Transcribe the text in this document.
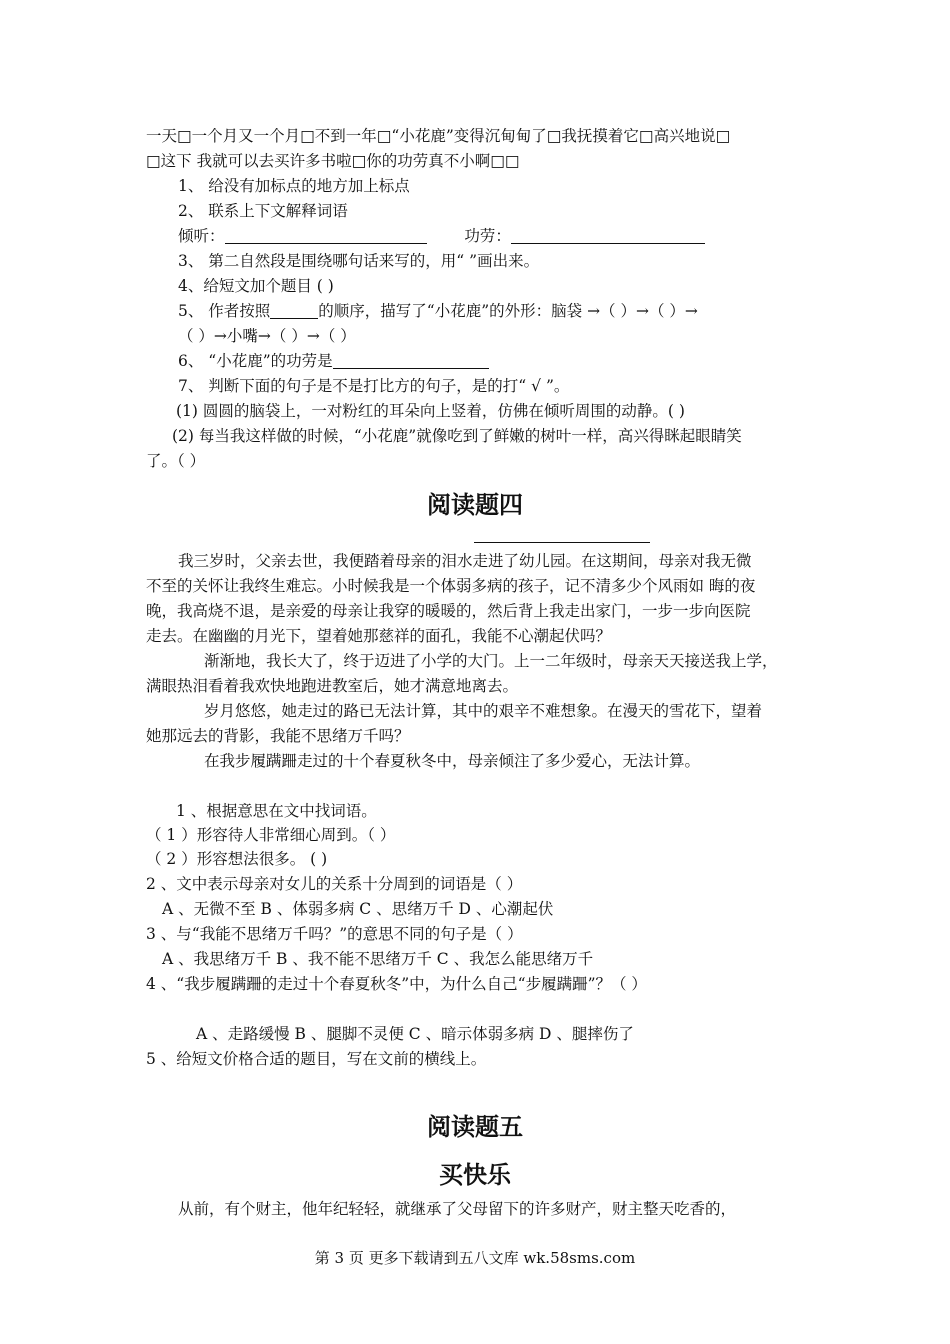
一天□一个月又一个月□不到一年□“小花鹿”变得沉甸甸了□我抚摸着它□高兴地说□
□这下 我就可以去买许多书啦□你的功劳真不小啊□□
1、 给没有加标点的地方加上标点
2、 联系上下文解释词语
倾听：	功劳：
3、 第二自然段是围绕哪句话来写的，用“ ”画出来。
4、给短文加个题目 ( )
5、 作者按照	的顺序，描写了“小花鹿”的外形：脑袋 →（ ）→（ ）→
（ ）→小嘴→（ ）→（ ）
6、 “小花鹿”的功劳是
7、 判断下面的句子是不是打比方的句子，是的打“ √ ”。
(1) 圆圆的脑袋上，一对粉红的耳朵向上竖着，仿佛在倾听周围的动静。( )
(2) 每当我这样做的时候，“小花鹿”就像吃到了鲜嫩的树叶一样，高兴得眯起眼睛笑
了。（ ）
阅读题四
我三岁时，父亲去世，我便踏着母亲的泪水走进了幼儿园。在这期间，母亲对我无微
不至的关怀让我终生难忘。小时候我是一个体弱多病的孩子，记不清多少个风雨如 晦的夜
晚，我高烧不退，是亲爱的母亲让我穿的暖暖的，然后背上我走出家门，一步一步向医院
走去。在幽幽的月光下，望着她那慈祥的面孔，我能不心潮起伏吗？
渐渐地，我长大了，终于迈进了小学的大门。上一二年级时，母亲天天接送我上学，
满眼热泪看着我欢快地跑进教室后，她才满意地离去。
岁月悠悠，她走过的路已无法计算，其中的艰辛不难想象。在漫天的雪花下，望着
她那远去的背影，我能不思绪万千吗？
在我步履蹒跚走过的十个春夏秋冬中，母亲倾注了多少爱心，无法计算。
1 、根据意思在文中找词语。
（ 1 ）形容待人非常细心周到。（ ）
（ 2 ）形容想法很多。 ( )
2 、文中表示母亲对女儿的关系十分周到的词语是（ ）
A 、无微不至 B 、体弱多病 C 、思绪万千 D 、心潮起伏
3 、与“我能不思绪万千吗？”的意思不同的句子是（ ）
A 、我思绪万千 B 、我不能不思绪万千 C 、我怎么能思绪万千
4 、“我步履蹒跚的走过十个春夏秋冬”中，为什么自己“步履蹒跚”？（ ）
A 、走路缓慢 B 、腿脚不灵便 C 、暗示体弱多病 D 、腿摔伤了
5 、给短文价格合适的题目，写在文前的横线上。
阅读题五
买快乐
从前，有个财主，他年纪轻轻，就继承了父母留下的许多财产，财主整天吃香的，
第 3 页 更多下载请到五八文库 wk.58sms.com
